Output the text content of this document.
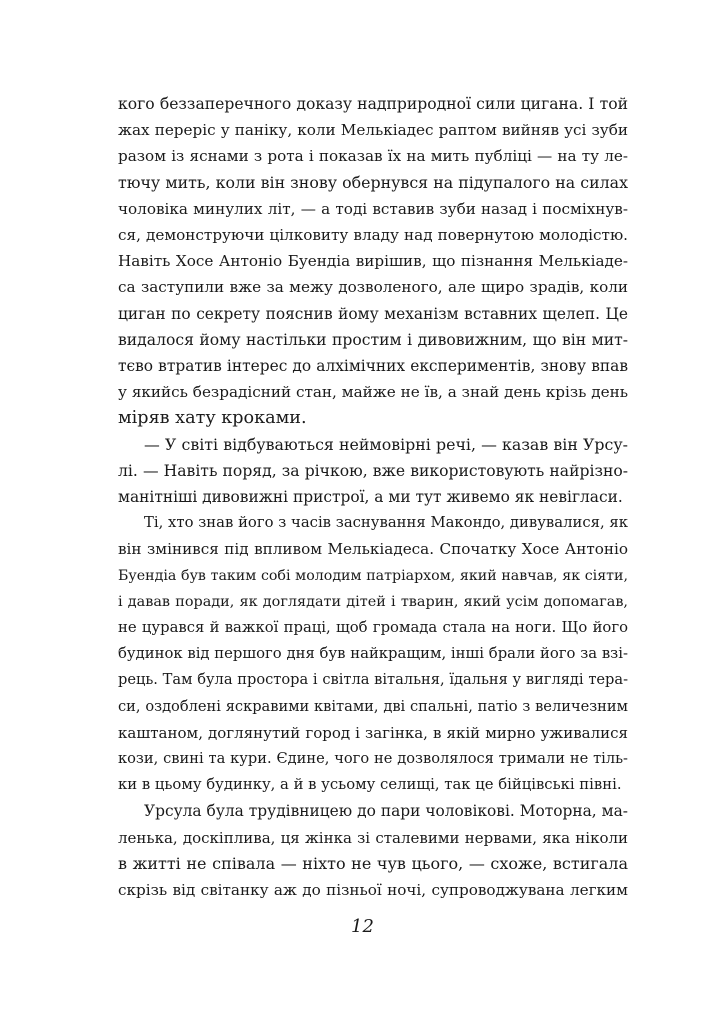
кого беззаперечного доказу надприродної сили цигана. І той
жах переріс у паніку, коли Мелькіадес раптом вийняв усі зуби
разом із яснами з рота і показав їх на мить публіці — на ту ле-
тючу мить, коли він знову обернувся на підупалого на силах
чоловіка минулих літ, — а тоді вставив зуби назад і посміхнув-
ся, демонструючи цілковиту владу над повернутою молодістю.
Навіть Хосе Антоніо Буендіа вирішив, що пізнання Мелькіаде-
са заступили вже за межу дозволеного, але щиро зрадів, коли
циган по секрету пояснив йому механізм вставних щелеп. Це
видалося йому настільки простим і дивовижним, що він мит-
тєво втратив інтерес до алхімічних експериментів, знову впав
у якийсь безрадісний стан, майже не їв, а знай день крізь день
міряв хату кроками.
— У світі відбуваються неймовірні речі, — казав він Урсу-
лі. — Навіть поряд, за річкою, вже використовують найрізно-
манітніші дивовижні пристрої, а ми тут живемо як невігласи.
Ті, хто знав його з часів заснування Макондо, дивувалися, як
він змінився під впливом Мелькіадеса. Спочатку Хосе Антоніо
Буендіа був таким собі молодим патріархом, який навчав, як сіяти,
і давав поради, як доглядати дітей і тварин, який усім допомагав,
не цурався й важкої праці, щоб громада стала на ноги. Що його
будинок від першого дня був найкращим, інші брали його за взі-
рець. Там була простора і світла вітальня, їдальня у вигляді тера-
си, оздоблені яскравими квітами, дві спальні, патіо з величезним
каштаном, доглянутий город і загінка, в якій мирно уживалися
кози, свині та кури. Єдине, чого не дозволялося тримали не тіль-
ки в цьому будинку, а й в усьому селищі, так це бійцівські півні.
Урсула була трудівницею до пари чоловікові. Моторна, ма-
ленька, доскіплива, ця жінка зі сталевими нервами, яка ніколи
в житті не співала — ніхто не чув цього, — схоже, встигала
скрізь від світанку аж до пізньої ночі, супроводжувана легким
12
